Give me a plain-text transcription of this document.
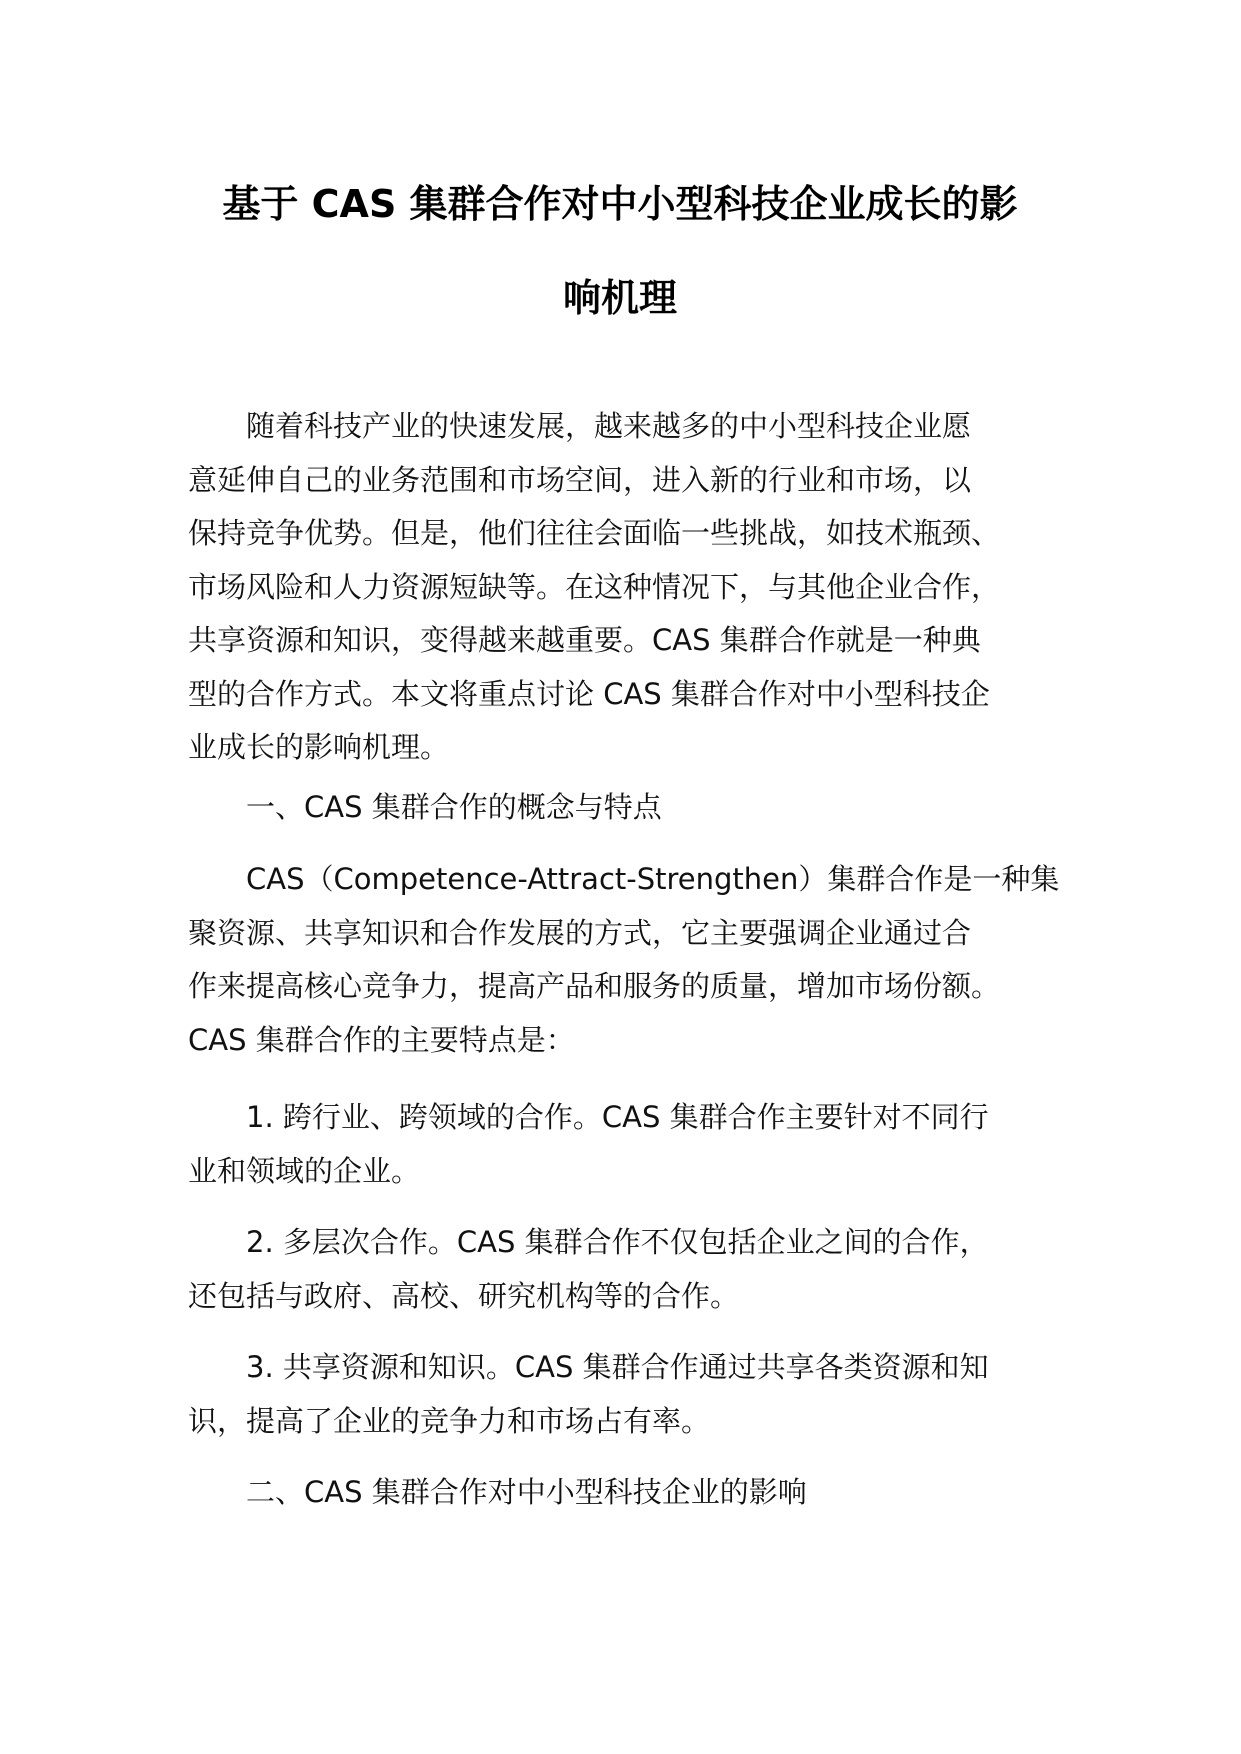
基于 CAS 集群合作对中小型科技企业成长的影
响机理
随着科技产业的快速发展，越来越多的中小型科技企业愿
意延伸自己的业务范围和市场空间，进入新的行业和市场，以
保持竞争优势。但是，他们往往会面临一些挑战，如技术瓶颈、
市场风险和人力资源短缺等。在这种情况下，与其他企业合作，
共享资源和知识，变得越来越重要。CAS 集群合作就是一种典
型的合作方式。本文将重点讨论 CAS 集群合作对中小型科技企
业成长的影响机理。
一、CAS 集群合作的概念与特点
CAS（Competence-Attract-Strengthen）集群合作是一种集
聚资源、共享知识和合作发展的方式，它主要强调企业通过合
作来提高核心竞争力，提高产品和服务的质量，增加市场份额。
CAS 集群合作的主要特点是：
1. 跨行业、跨领域的合作。CAS 集群合作主要针对不同行
业和领域的企业。
2. 多层次合作。CAS 集群合作不仅包括企业之间的合作，
还包括与政府、高校、研究机构等的合作。
3. 共享资源和知识。CAS 集群合作通过共享各类资源和知
识，提高了企业的竞争力和市场占有率。
二、CAS 集群合作对中小型科技企业的影响
